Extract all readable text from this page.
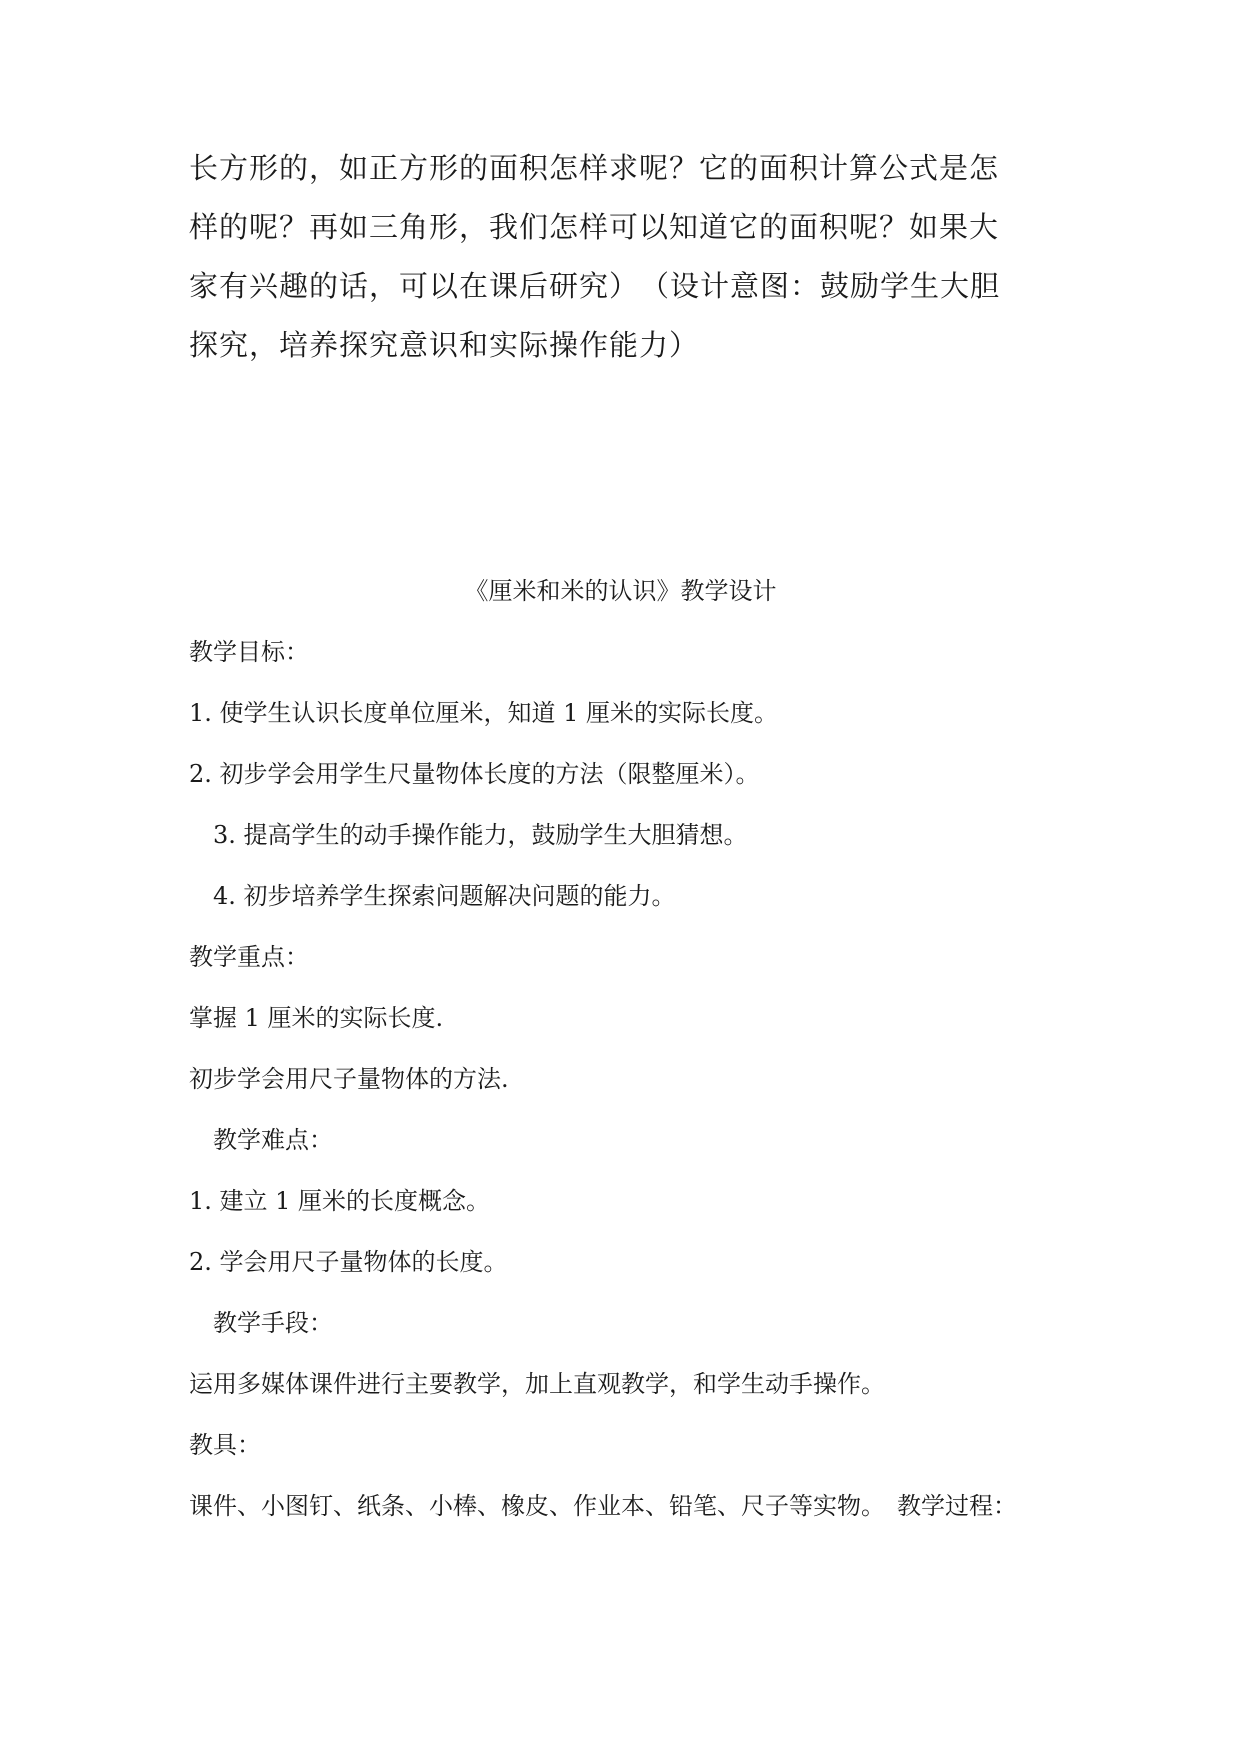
长方形的，如正方形的面积怎样求呢？它的面积计算公式是怎

样的呢？再如三角形，我们怎样可以知道它的面积呢？如果大

家有兴趣的话，可以在课后研究）　（设计意图：鼓励学生大胆

探究，培养探究意识和实际操作能力）

《厘米和米的认识》教学设计

教学目标：

1. 使学生认识长度单位厘米，知道 1 厘米的实际长度。

2. 初步学会用学生尺量物体长度的方法（限整厘米）。

3. 提高学生的动手操作能力，鼓励学生大胆猜想。

4. 初步培养学生探索问题解决问题的能力。

教学重点：

掌握 1 厘米的实际长度.

初步学会用尺子量物体的方法.

教学难点：

1. 建立 1 厘米的长度概念。

2. 学会用尺子量物体的长度。

教学手段：

运用多媒体课件进行主要教学，加上直观教学，和学生动手操作。

教具：

课件、小图钉、纸条、小棒、橡皮、作业本、铅笔、尺子等实物。　教学过程：
